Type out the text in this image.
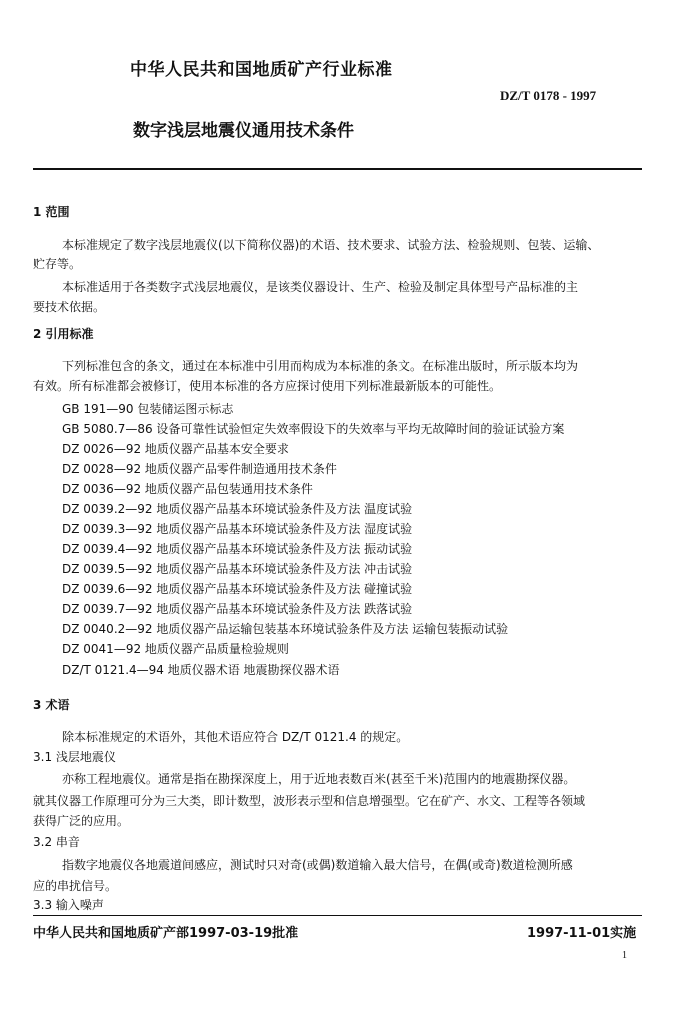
中华人民共和国地质矿产行业标准
DZ/T 0178 - 1997
数字浅层地震仪通用技术条件
1 范围
本标准规定了数字浅层地震仪(以下简称仪器)的术语、技术要求、试验方法、检验规则、包装、运输、
贮存等。
本标准适用于各类数字式浅层地震仪，是该类仪器设计、生产、检验及制定具体型号产品标准的主
要技术依据。
2 引用标准
下列标准包含的条文，通过在本标准中引用而构成为本标准的条文。在标准出版时，所示版本均为
有效。所有标准都会被修订，使用本标准的各方应探讨使用下列标准最新版本的可能性。
GB 191—90 包装储运图示标志
GB 5080.7—86 设备可靠性试验恒定失效率假设下的失效率与平均无故障时间的验证试验方案
DZ 0026—92 地质仪器产品基本安全要求
DZ 0028—92 地质仪器产品零件制造通用技术条件
DZ 0036—92 地质仪器产品包装通用技术条件
DZ 0039.2—92 地质仪器产品基本环境试验条件及方法 温度试验
DZ 0039.3—92 地质仪器产品基本环境试验条件及方法 湿度试验
DZ 0039.4—92 地质仪器产品基本环境试验条件及方法 振动试验
DZ 0039.5—92 地质仪器产品基本环境试验条件及方法 冲击试验
DZ 0039.6—92 地质仪器产品基本环境试验条件及方法 碰撞试验
DZ 0039.7—92 地质仪器产品基本环境试验条件及方法 跌落试验
DZ 0040.2—92 地质仪器产品运输包装基本环境试验条件及方法 运输包装振动试验
DZ 0041—92 地质仪器产品质量检验规则
DZ/T 0121.4—94 地质仪器术语 地震勘探仪器术语
3 术语
除本标准规定的术语外，其他术语应符合 DZ/T 0121.4 的规定。
3.1 浅层地震仪
亦称工程地震仪。通常是指在勘探深度上，用于近地表数百米(甚至千米)范围内的地震勘探仪器。
就其仪器工作原理可分为三大类，即计数型，波形表示型和信息增强型。它在矿产、水文、工程等各领域
获得广泛的应用。
3.2 串音
指数字地震仪各地震道间感应，测试时只对奇(或偶)数道输入最大信号，在偶(或奇)数道检测所感
应的串扰信号。
3.3 输入噪声
中华人民共和国地质矿产部1997-03-19批准	1997-11-01实施
1
